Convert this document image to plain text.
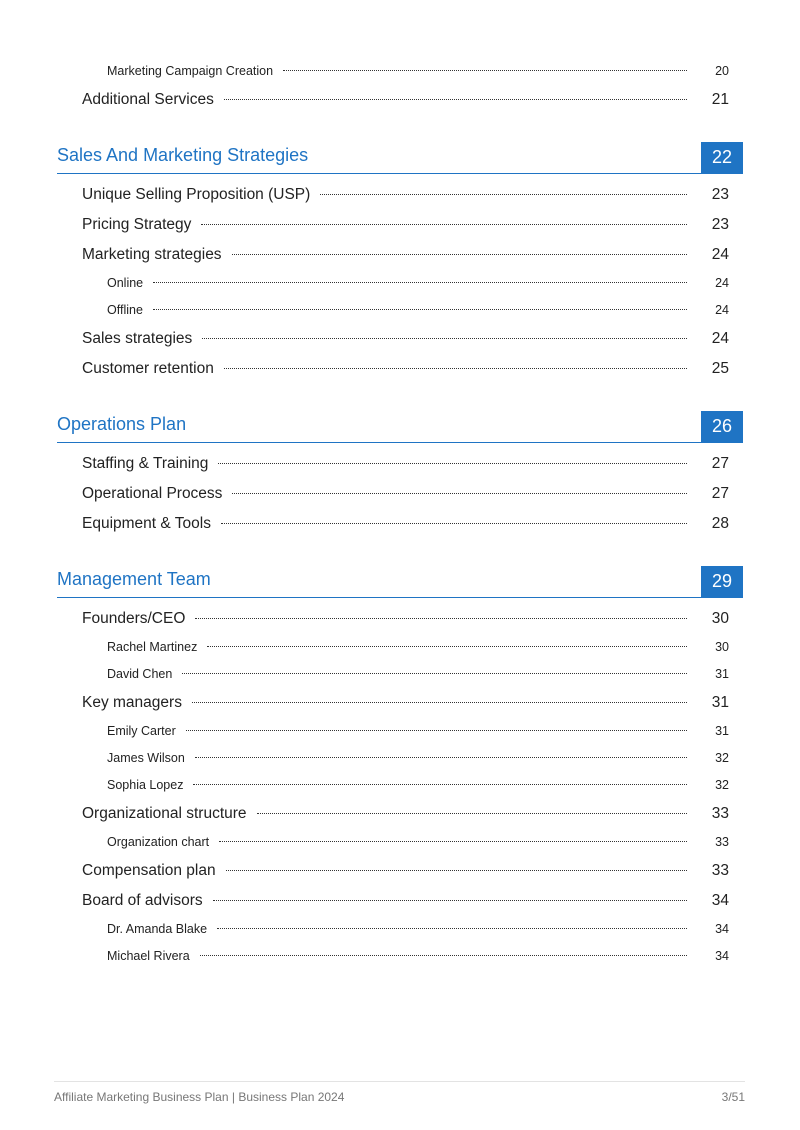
Marketing Campaign Creation	20
Additional Services	21
Sales And Marketing Strategies	22
Unique Selling Proposition (USP)	23
Pricing Strategy	23
Marketing strategies	24
Online	24
Offline	24
Sales strategies	24
Customer retention	25
Operations Plan	26
Staffing & Training	27
Operational Process	27
Equipment & Tools	28
Management Team	29
Founders/CEO	30
Rachel Martinez	30
David Chen	31
Key managers	31
Emily Carter	31
James Wilson	32
Sophia Lopez	32
Organizational structure	33
Organization chart	33
Compensation plan	33
Board of advisors	34
Dr. Amanda Blake	34
Michael Rivera	34
Affiliate Marketing Business Plan | Business Plan 2024	3/51
